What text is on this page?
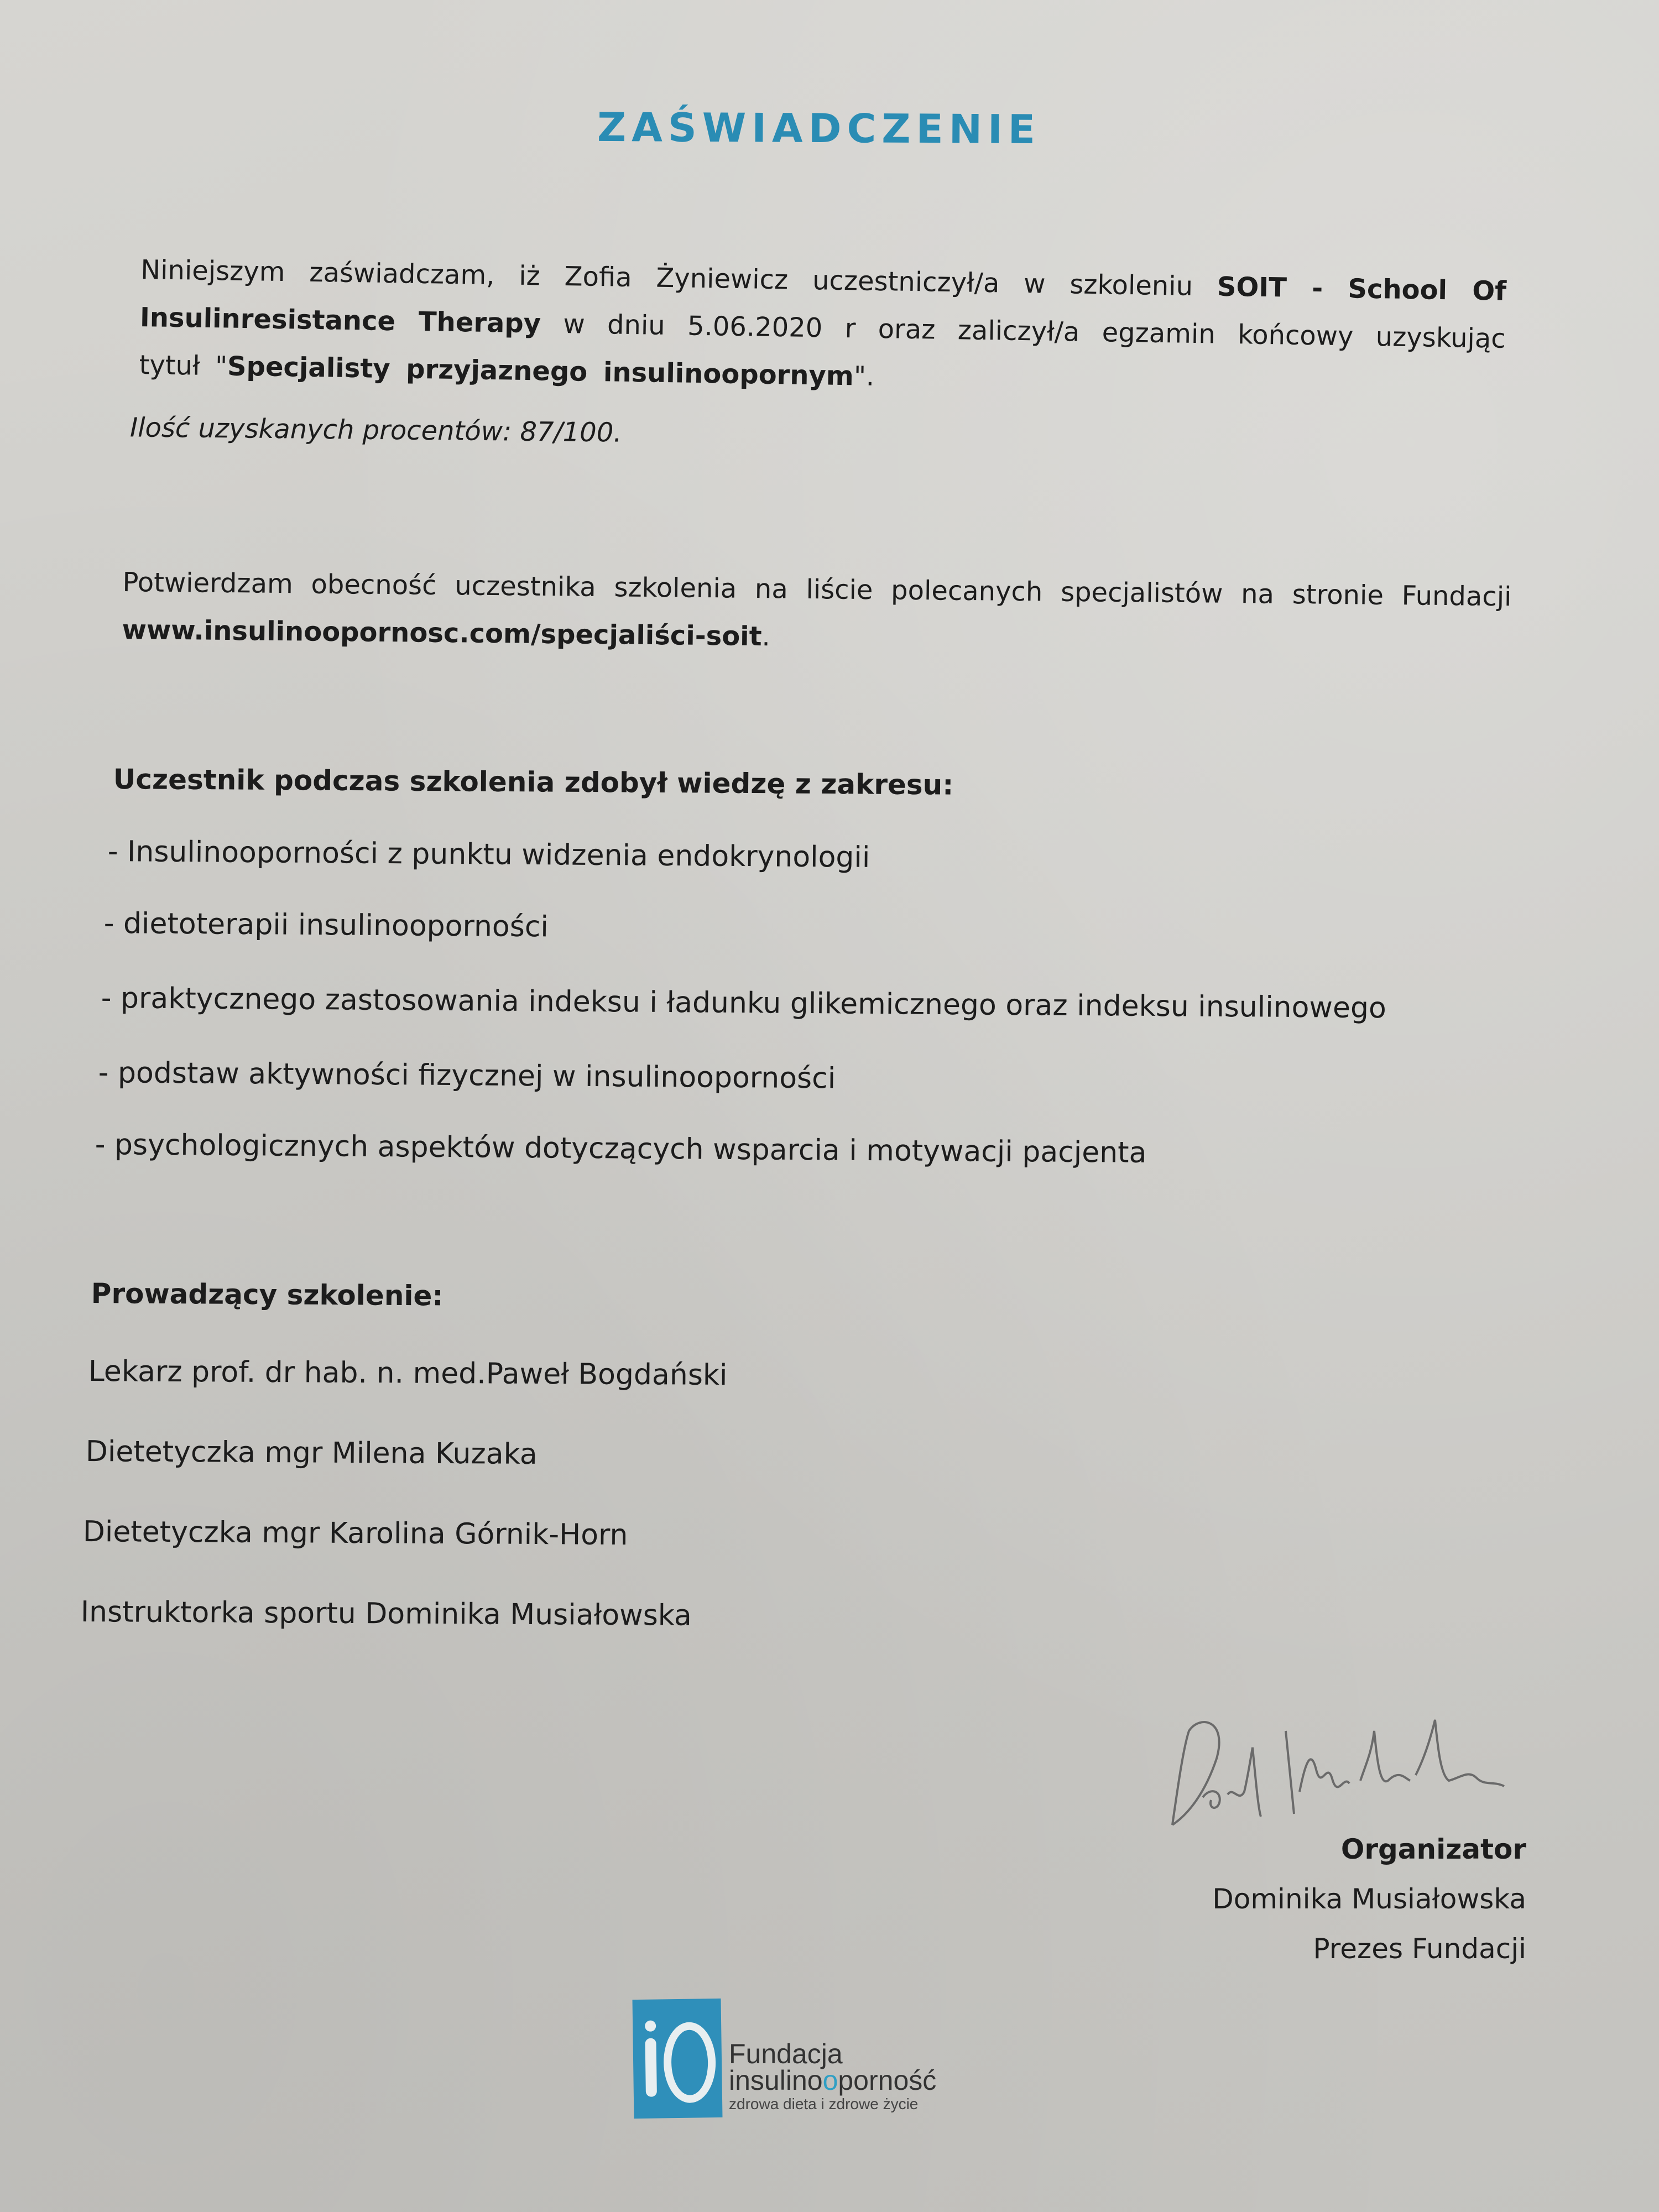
ZAŚWIADCZENIE
Niniejszym zaświadczam, iż Zofia Żyniewicz uczestniczył/a w szkoleniu SOIT - School Of Insulinresistance Therapy w dniu 5.06.2020 r oraz zaliczył/a egzamin końcowy uzyskując tytuł "Specjalisty przyjaznego insulinoopornym".
Ilość uzyskanych procentów: 87/100.
Potwierdzam obecność uczestnika szkolenia na liście polecanych specjalistów na stronie Fundacji www.insulinoopornosc.com/specjaliści-soit.
Uczestnik podczas szkolenia zdobył wiedzę z zakresu:
- Insulinooporności z punktu widzenia endokrynologii
- dietoterapii insulinooporności
- praktycznego zastosowania indeksu i ładunku glikemicznego oraz indeksu insulinowego
- podstaw aktywności fizycznej w insulinooporności
- psychologicznych aspektów dotyczących wsparcia i motywacji pacjenta
Prowadzący szkolenie:
Lekarz prof. dr hab. n. med.Paweł Bogdański
Dietetyczka mgr Milena Kuzaka
Dietetyczka mgr Karolina Górnik-Horn
Instruktorka sportu Dominika Musiałowska
Organizator
Dominika Musiałowska
Prezes Fundacji
Fundacja
insulinooporność
zdrowa dieta i zdrowe życie
